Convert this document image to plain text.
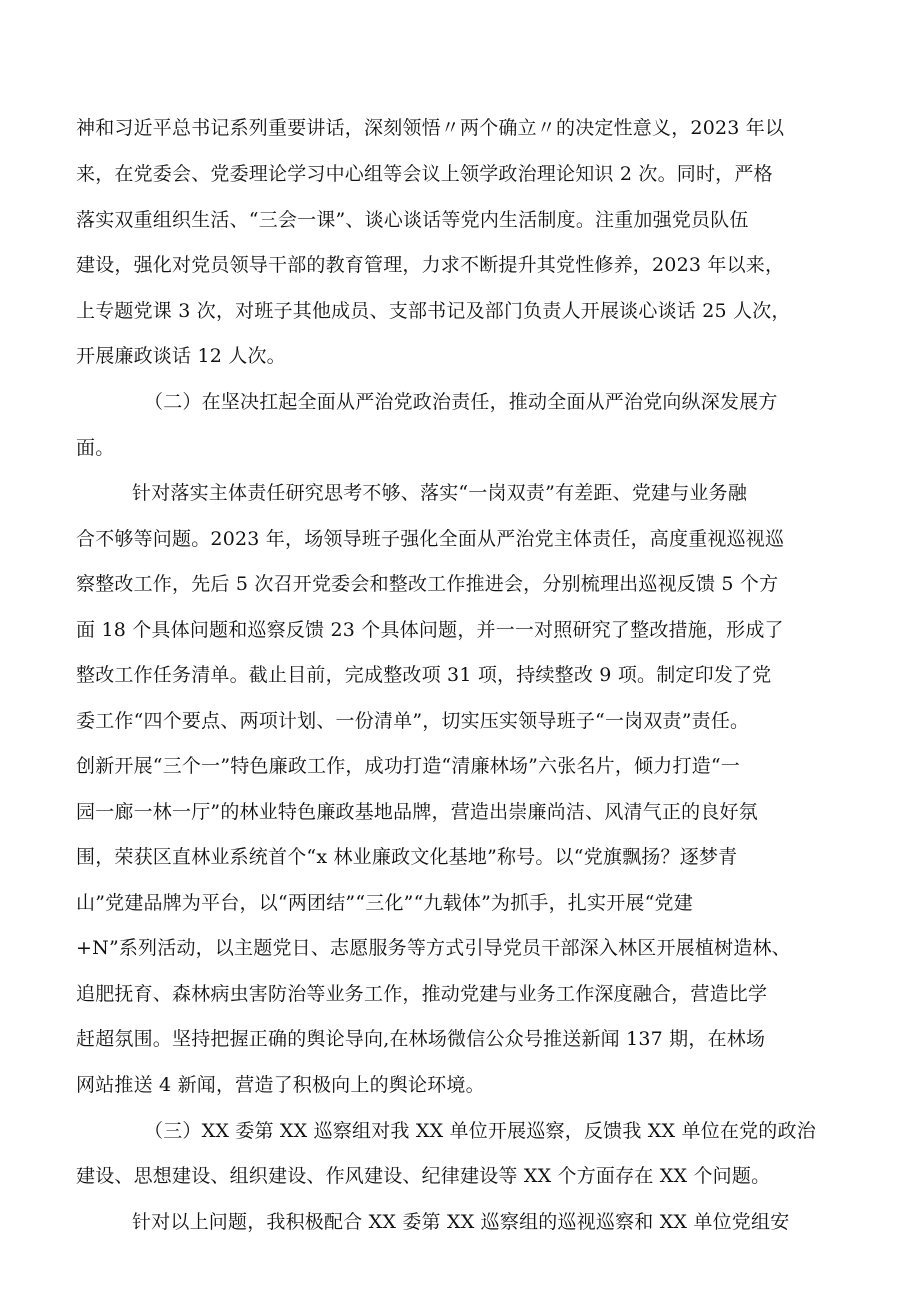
神和习近平总书记系列重要讲话，深刻领悟〃两个确立〃的决定性意义，2023 年以
来，在党委会、党委理论学习中心组等会议上领学政治理论知识 2 次。同时，严格
落实双重组织生活、“三会一课”、谈心谈话等党内生活制度。注重加强党员队伍
建设，强化对党员领导干部的教育管理，力求不断提升其党性修养，2023 年以来，
上专题党课 3 次，对班子其他成员、支部书记及部门负责人开展谈心谈话 25 人次，
开展廉政谈话 12 人次。
（二）在坚决扛起全面从严治党政治责任，推动全面从严治党向纵深发展方
面。
针对落实主体责任研究思考不够、落实“一岗双责”有差距、党建与业务融
合不够等问题。2023 年，场领导班子强化全面从严治党主体责任，高度重视巡视巡
察整改工作，先后 5 次召开党委会和整改工作推进会，分别梳理出巡视反馈 5 个方
面 18 个具体问题和巡察反馈 23 个具体问题，并一一对照研究了整改措施，形成了
整改工作任务清单。截止目前，完成整改项 31 项，持续整改 9 项。制定印发了党
委工作“四个要点、两项计划、一份清单”，切实压实领导班子“一岗双责”责任。
创新开展“三个一”特色廉政工作，成功打造“清廉林场”六张名片，倾力打造“一
园一廊一林一厅”的林业特色廉政基地品牌，营造出崇廉尚洁、风清气正的良好氛
围，荣获区直林业系统首个“x 林业廉政文化基地”称号。以“党旗飘扬？逐梦青
山”党建品牌为平台，以“两团结”“三化”“九载体”为抓手，扎实开展“党建
+N”系列活动，以主题党日、志愿服务等方式引导党员干部深入林区开展植树造林、
追肥抚育、森林病虫害防治等业务工作，推动党建与业务工作深度融合，营造比学
赶超氛围。坚持把握正确的舆论导向,在林场微信公众号推送新闻 137 期，在林场
网站推送 4 新闻，营造了积极向上的舆论环境。
（三）XX 委第 XX 巡察组对我 XX 单位开展巡察，反馈我 XX 单位在党的政治
建设、思想建设、组织建设、作风建设、纪律建设等 XX 个方面存在 XX 个问题。
针对以上问题，我积极配合 XX 委第 XX 巡察组的巡视巡察和 XX 单位党组安
